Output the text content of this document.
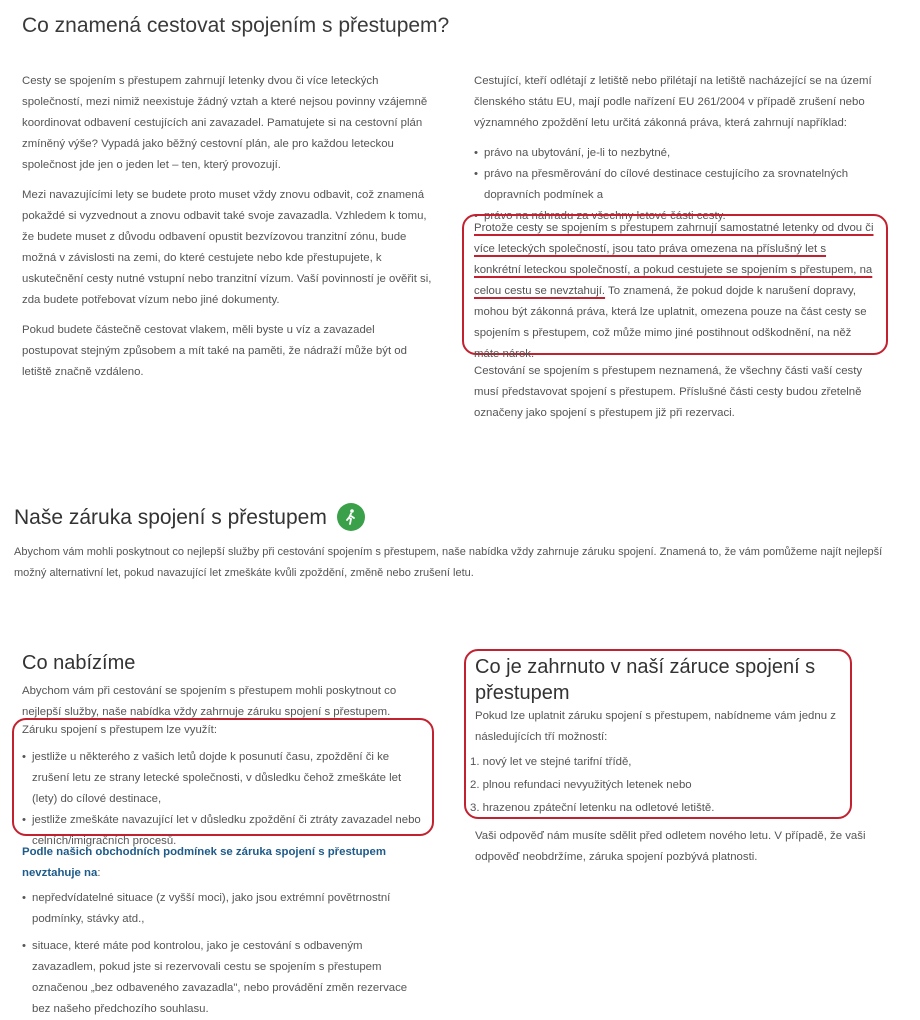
Co znamená cestovat spojením s přestupem?

Cesty se spojením s přestupem zahrnují letenky dvou či více leteckých společností, mezi nimiž neexistuje žádný vztah a které nejsou povinny vzájemně koordinovat odbavení cestujících ani zavazadel. Pamatujete si na cestovní plán zmíněný výše? Vypadá jako běžný cestovní plán, ale pro každou leteckou společnost jde jen o jeden let – ten, který provozují.

Mezi navazujícími lety se budete proto muset vždy znovu odbavit, což znamená pokaždé si vyzvednout a znovu odbavit také svoje zavazadla. Vzhledem k tomu, že budete muset z důvodu odbavení opustit bezvízovou tranzitní zónu, bude možná v závislosti na zemi, do které cestujete nebo kde přestupujete, k uskutečnění cesty nutné vstupní nebo tranzitní vízum. Vaší povinností je ověřit si, zda budete potřebovat vízum nebo jiné dokumenty.

Pokud budete částečně cestovat vlakem, měli byste u víz a zavazadel postupovat stejným způsobem a mít také na paměti, že nádraží může být od letiště značně vzdáleno.

Cestující, kteří odlétají z letiště nebo přilétají na letiště nacházející se na území členského státu EU, mají podle nařízení EU 261/2004 v případě zrušení nebo významného zpoždění letu určitá zákonná práva, která zahrnují například:

• právo na ubytování, je-li to nezbytné,
• právo na přesměrování do cílové destinace cestujícího za srovnatelných dopravních podmínek a
• právo na náhradu za všechny letové části cesty.
Protože cesty se spojením s přestupem zahrnují samostatné letenky od dvou či více leteckých společností, jsou tato práva omezena na příslušný let s konkrétní leteckou společností, a pokud cestujete se spojením s přestupem, na celou cestu se nevztahují. To znamená, že pokud dojde k narušení dopravy, mohou být zákonná práva, která lze uplatnit, omezena pouze na část cesty se spojením s přestupem, což může mimo jiné postihnout odškodnění, na něž máte nárok.

Cestování se spojením s přestupem neznamená, že všechny části vaší cesty musí představovat spojení s přestupem. Příslušné části cesty budou zřetelně označeny jako spojení s přestupem již při rezervaci.

Naše záruka spojení s přestupem

Abychom vám mohli poskytnout co nejlepší služby při cestování spojením s přestupem, naše nabídka vždy zahrnuje záruku spojení. Znamená to, že vám pomůžeme najít nejlepší možný alternativní let, pokud navazující let zmeškáte kvůli zpoždění, změně nebo zrušení letu.

Co nabízíme

Abychom vám při cestování se spojením s přestupem mohli poskytnout co nejlepší služby, naše nabídka vždy zahrnuje záruku spojení s přestupem.

Záruku spojení s přestupem lze využít:

• jestliže u některého z vašich letů dojde k posunutí času, zpoždění či ke zrušení letu ze strany letecké společnosti, v důsledku čehož zmeškáte let (lety) do cílové destinace,
• jestliže zmeškáte navazující let v důsledku zpoždění či ztráty zavazadel nebo celních/imigračních procesů.

Podle našich obchodních podmínek se záruka spojení s přestupem nevztahuje na:

• nepředvídatelné situace (z vyšší moci), jako jsou extrémní povětrnostní podmínky, stávky atd.,
• situace, které máte pod kontrolou, jako je cestování s odbaveným zavazadlem, pokud jste si rezervovali cestu se spojením s přestupem označenou „bez odbaveného zavazadla", nebo provádění změn rezervace bez našeho předchozího souhlasu.
Co je zahrnuto v naší záruce spojení s přestupem

Pokud lze uplatnit záruku spojení s přestupem, nabídneme vám jednu z následujících tří možností:

1. nový let ve stejné tarifní třídě,
2. plnou refundaci nevyužitých letenek nebo
3. hrazenou zpáteční letenku na odletové letiště.

Vaši odpověď nám musíte sdělit před odletem nového letu. V případě, že vaši odpověď neobdržíme, záruka spojení pozbývá platnosti.
